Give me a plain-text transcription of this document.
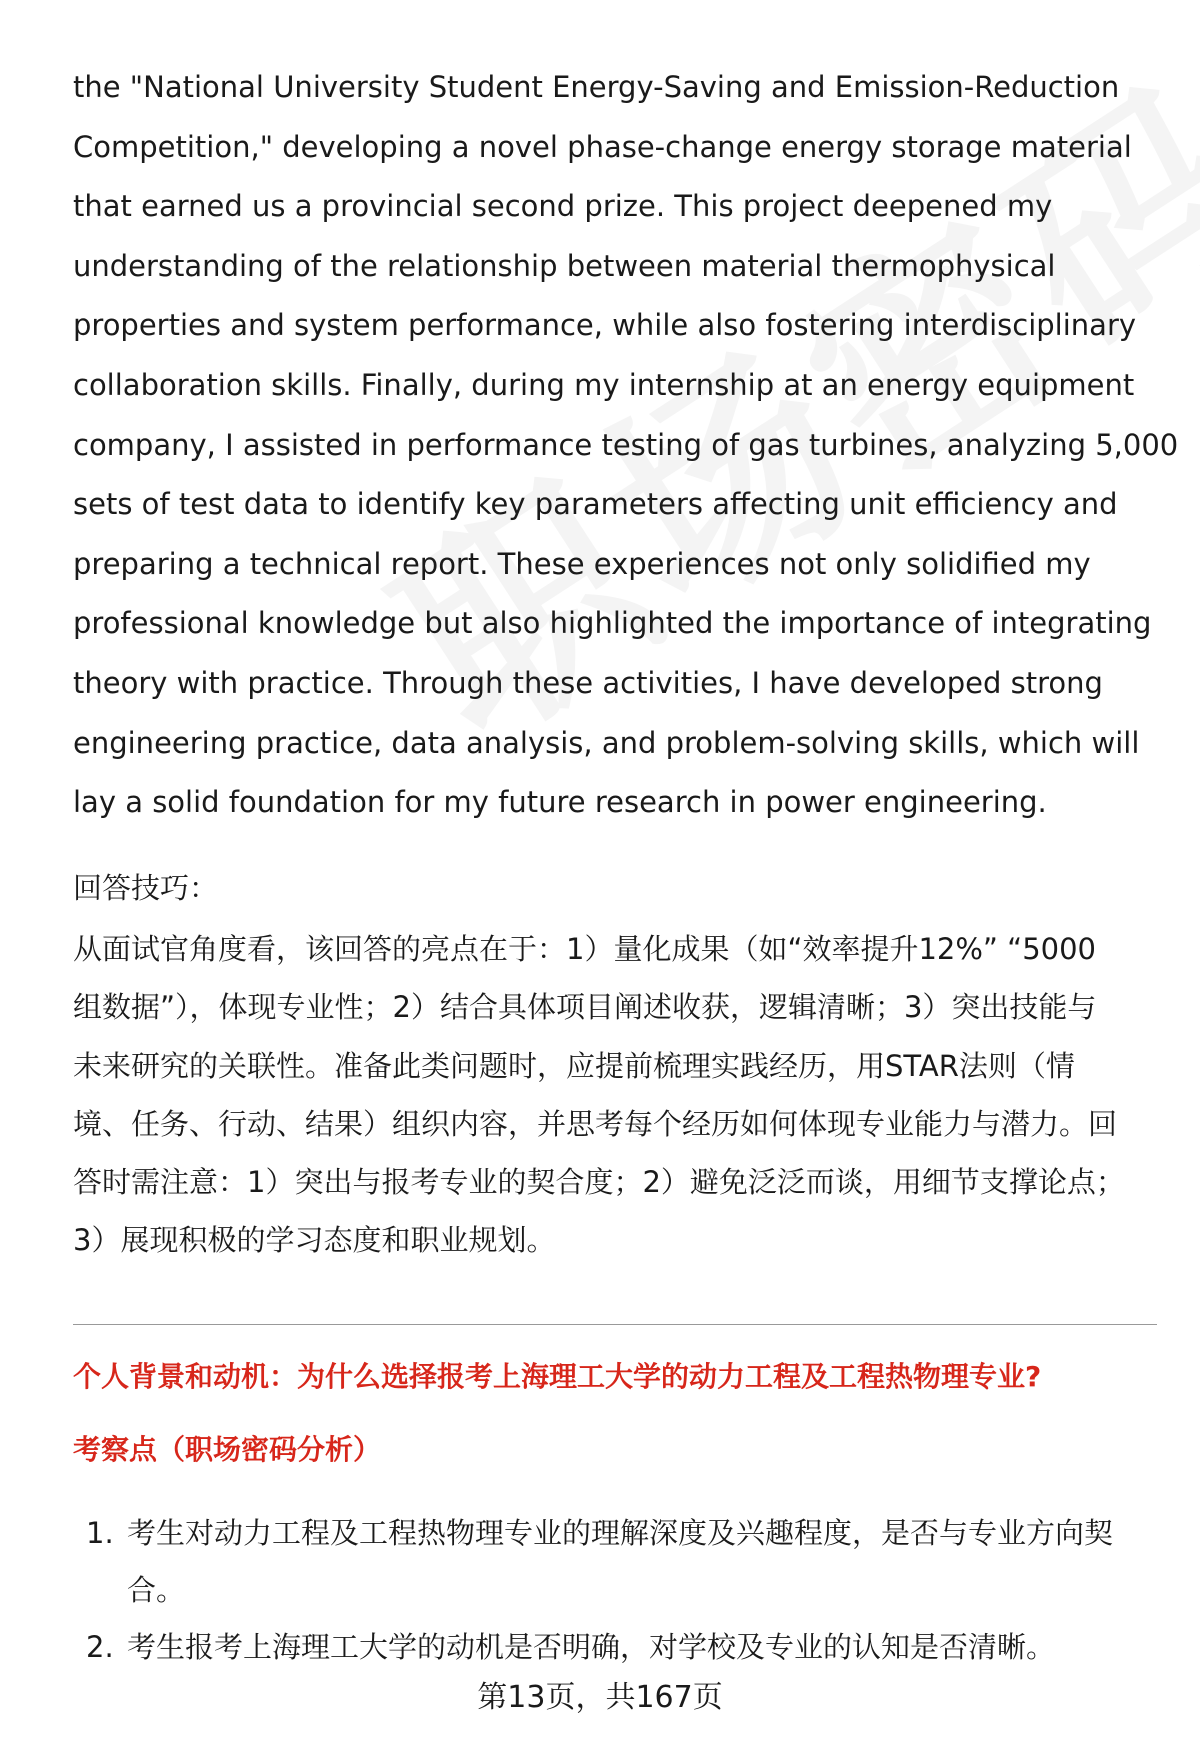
the "National University Student Energy-Saving and Emission-Reduction
Competition," developing a novel phase-change energy storage material
that earned us a provincial second prize. This project deepened my
understanding of the relationship between material thermophysical
properties and system performance, while also fostering interdisciplinary
collaboration skills. Finally, during my internship at an energy equipment
company, I assisted in performance testing of gas turbines, analyzing 5,000
sets of test data to identify key parameters affecting unit efficiency and
preparing a technical report. These experiences not only solidified my
professional knowledge but also highlighted the importance of integrating
theory with practice. Through these activities, I have developed strong
engineering practice, data analysis, and problem-solving skills, which will
lay a solid foundation for my future research in power engineering.

回答技巧：

从面试官角度看，该回答的亮点在于：1）量化成果（如“效率提升12%” “5000
组数据”），体现专业性；2）结合具体项目阐述收获，逻辑清晰；3）突出技能与
未来研究的关联性。准备此类问题时，应提前梳理实践经历，用STAR法则（情
境、任务、行动、结果）组织内容，并思考每个经历如何体现专业能力与潜力。回
答时需注意：1）突出与报考专业的契合度；2）避免泛泛而谈，用细节支撑论点；
3）展现积极的学习态度和职业规划。
个人背景和动机：为什么选择报考上海理工大学的动力工程及工程热物理专业?
考察点（职场密码分析）
1. 考生对动力工程及工程热物理专业的理解深度及兴趣程度，是否与专业方向契
合。
2. 考生报考上海理工大学的动机是否明确，对学校及专业的认知是否清晰。
第13页，共167页
